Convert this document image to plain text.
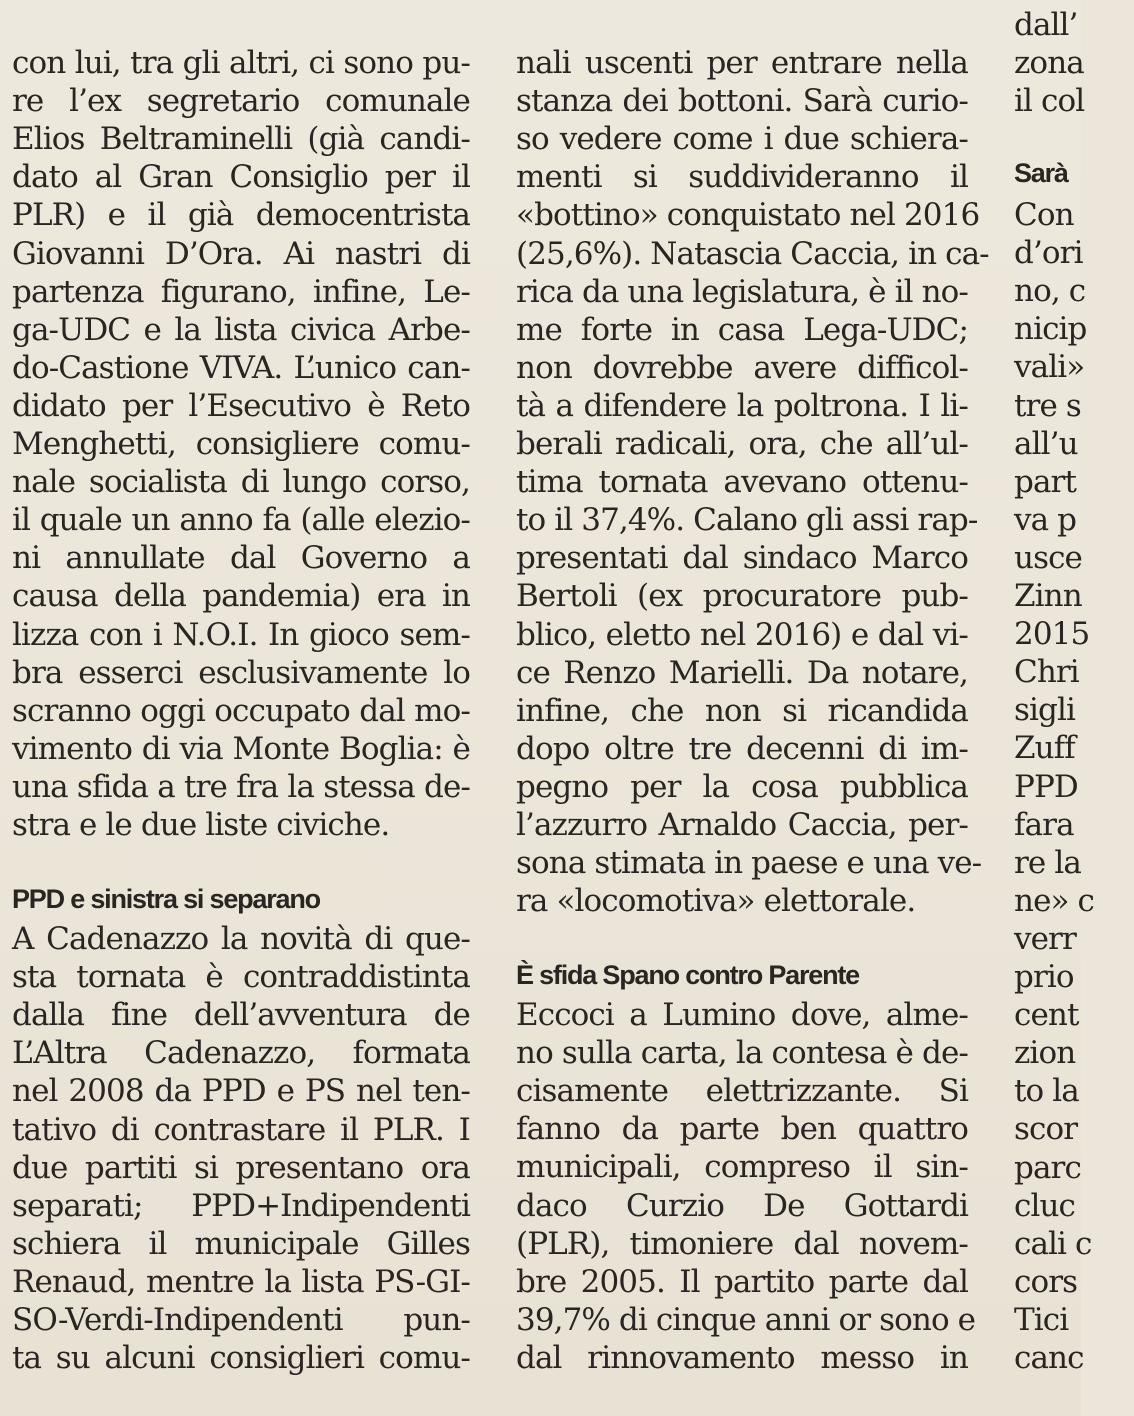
con lui, tra gli altri, ci sono pu-
re l’ex segretario comunale
Elios Beltraminelli (già candi-
dato al Gran Consiglio per il
PLR) e il già democentrista
Giovanni D’Ora. Ai nastri di
partenza figurano, infine, Le-
ga-UDC e la lista civica Arbe-
do-Castione VIVA. L’unico can-
didato per l’Esecutivo è Reto
Menghetti, consigliere comu-
nale socialista di lungo corso,
il quale un anno fa (alle elezio-
ni annullate dal Governo a
causa della pandemia) era in
lizza con i N.O.I. In gioco sem-
bra esserci esclusivamente lo
scranno oggi occupato dal mo-
vimento di via Monte Boglia: è
una sfida a tre fra la stessa de-
stra e le due liste civiche.
PPD e sinistra si separano
A Cadenazzo la novità di que-
sta tornata è contraddistinta
dalla fine dell’avventura de
L’Altra Cadenazzo, formata
nel 2008 da PPD e PS nel ten-
tativo di contrastare il PLR. I
due partiti si presentano ora
separati; PPD+Indipendenti
schiera il municipale Gilles
Renaud, mentre la lista PS-GI-
SO-Verdi-Indipendenti pun-
ta su alcuni consiglieri comu-
nali uscenti per entrare nella
stanza dei bottoni. Sarà curio-
so vedere come i due schiera-
menti si suddivideranno il
«bottino» conquistato nel 2016
(25,6%). Natascia Caccia, in ca-
rica da una legislatura, è il no-
me forte in casa Lega-UDC;
non dovrebbe avere difficol-
tà a difendere la poltrona. I li-
berali radicali, ora, che all’ul-
tima tornata avevano ottenu-
to il 37,4%. Calano gli assi rap-
presentati dal sindaco Marco
Bertoli (ex procuratore pub-
blico, eletto nel 2016) e dal vi-
ce Renzo Marielli. Da notare,
infine, che non si ricandida
dopo oltre tre decenni di im-
pegno per la cosa pubblica
l’azzurro Arnaldo Caccia, per-
sona stimata in paese e una ve-
ra «locomotiva» elettorale.
È sfida Spano contro Parente
Eccoci a Lumino dove, alme-
no sulla carta, la contesa è de-
cisamente elettrizzante. Si
fanno da parte ben quattro
municipali, compreso il sin-
daco Curzio De Gottardi
(PLR), timoniere dal novem-
bre 2005. Il partito parte dal
39,7% di cinque anni or sono e
dal rinnovamento messo in
dall’
zona
il col
Sarà
Con
d’ori
no, c
nicip
vali»
tre s
all’u
part
va p
usce
Zinn
2015
Chri
sigli
Zuff
PPD
fara
re la
ne» c
verr
prio
cent
zion
to la
scor
parc
cluc
cali c
cors
Tici
canc
